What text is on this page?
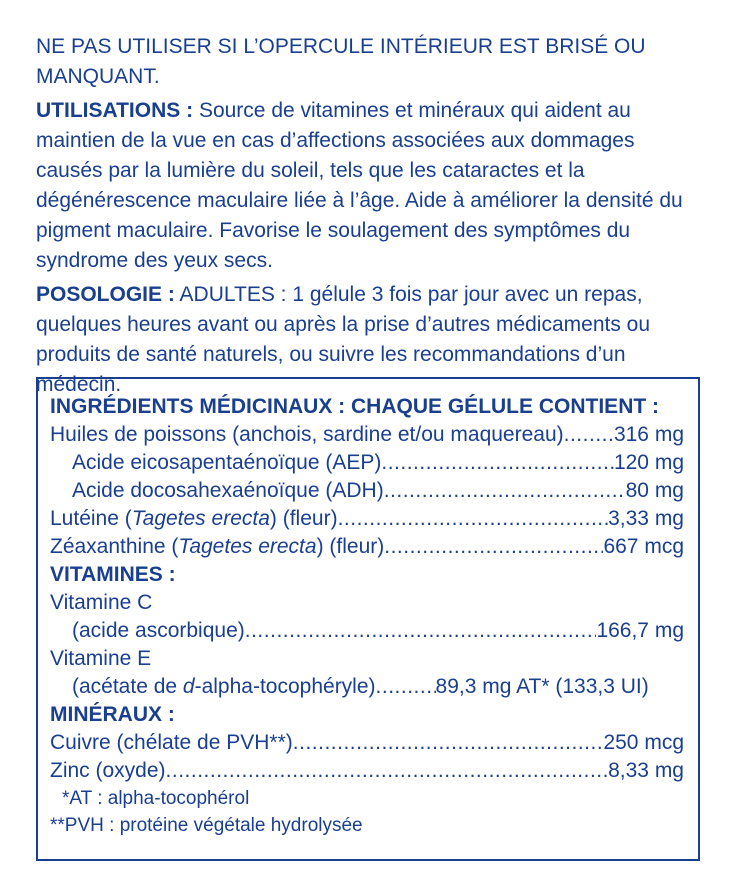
NE PAS UTILISER SI L’OPERCULE INTÉRIEUR EST BRISÉ OU MANQUANT.

UTILISATIONS : Source de vitamines et minéraux qui aident au maintien de la vue en cas d’affections associées aux dommages causés par la lumière du soleil, tels que les cataractes et la dégénérescence maculaire liée à l’âge. Aide à améliorer la densité du pigment maculaire. Favorise le soulagement des symptômes du syndrome des yeux secs.

POSOLOGIE : ADULTES : 1 gélule 3 fois par jour avec un repas, quelques heures avant ou après la prise d’autres médicaments ou produits de santé naturels, ou suivre les recommandations d’un médecin.

INGRÉDIENTS MÉDICINAUX : CHAQUE GÉLULE CONTIENT :

Huiles de poissons (anchois, sardine et/ou maquereau) ..... 316 mg
Acide eicosapentaénoïque (AEP) .....	120 mg
Acide docosahexaénoïque (ADH) .....	80 mg
Lutéine (Tagetes erecta) (fleur) .....	3,33 mg
Zéaxanthine (Tagetes erecta) (fleur) .....	667 mcg

VITAMINES :

Vitamine C

(acide ascorbique) .....	166,7 mg

Vitamine E

(acétate de d-alpha-tocophéryle) .....	89,3 mg AT* (133,3 UI)

MINÉRAUX :

Cuivre (chélate de PVH**) .....	250 mcg
Zinc (oxyde) .....	8,33 mg

*AT : alpha-tocophérol

**PVH : protéine végétale hydrolysée
